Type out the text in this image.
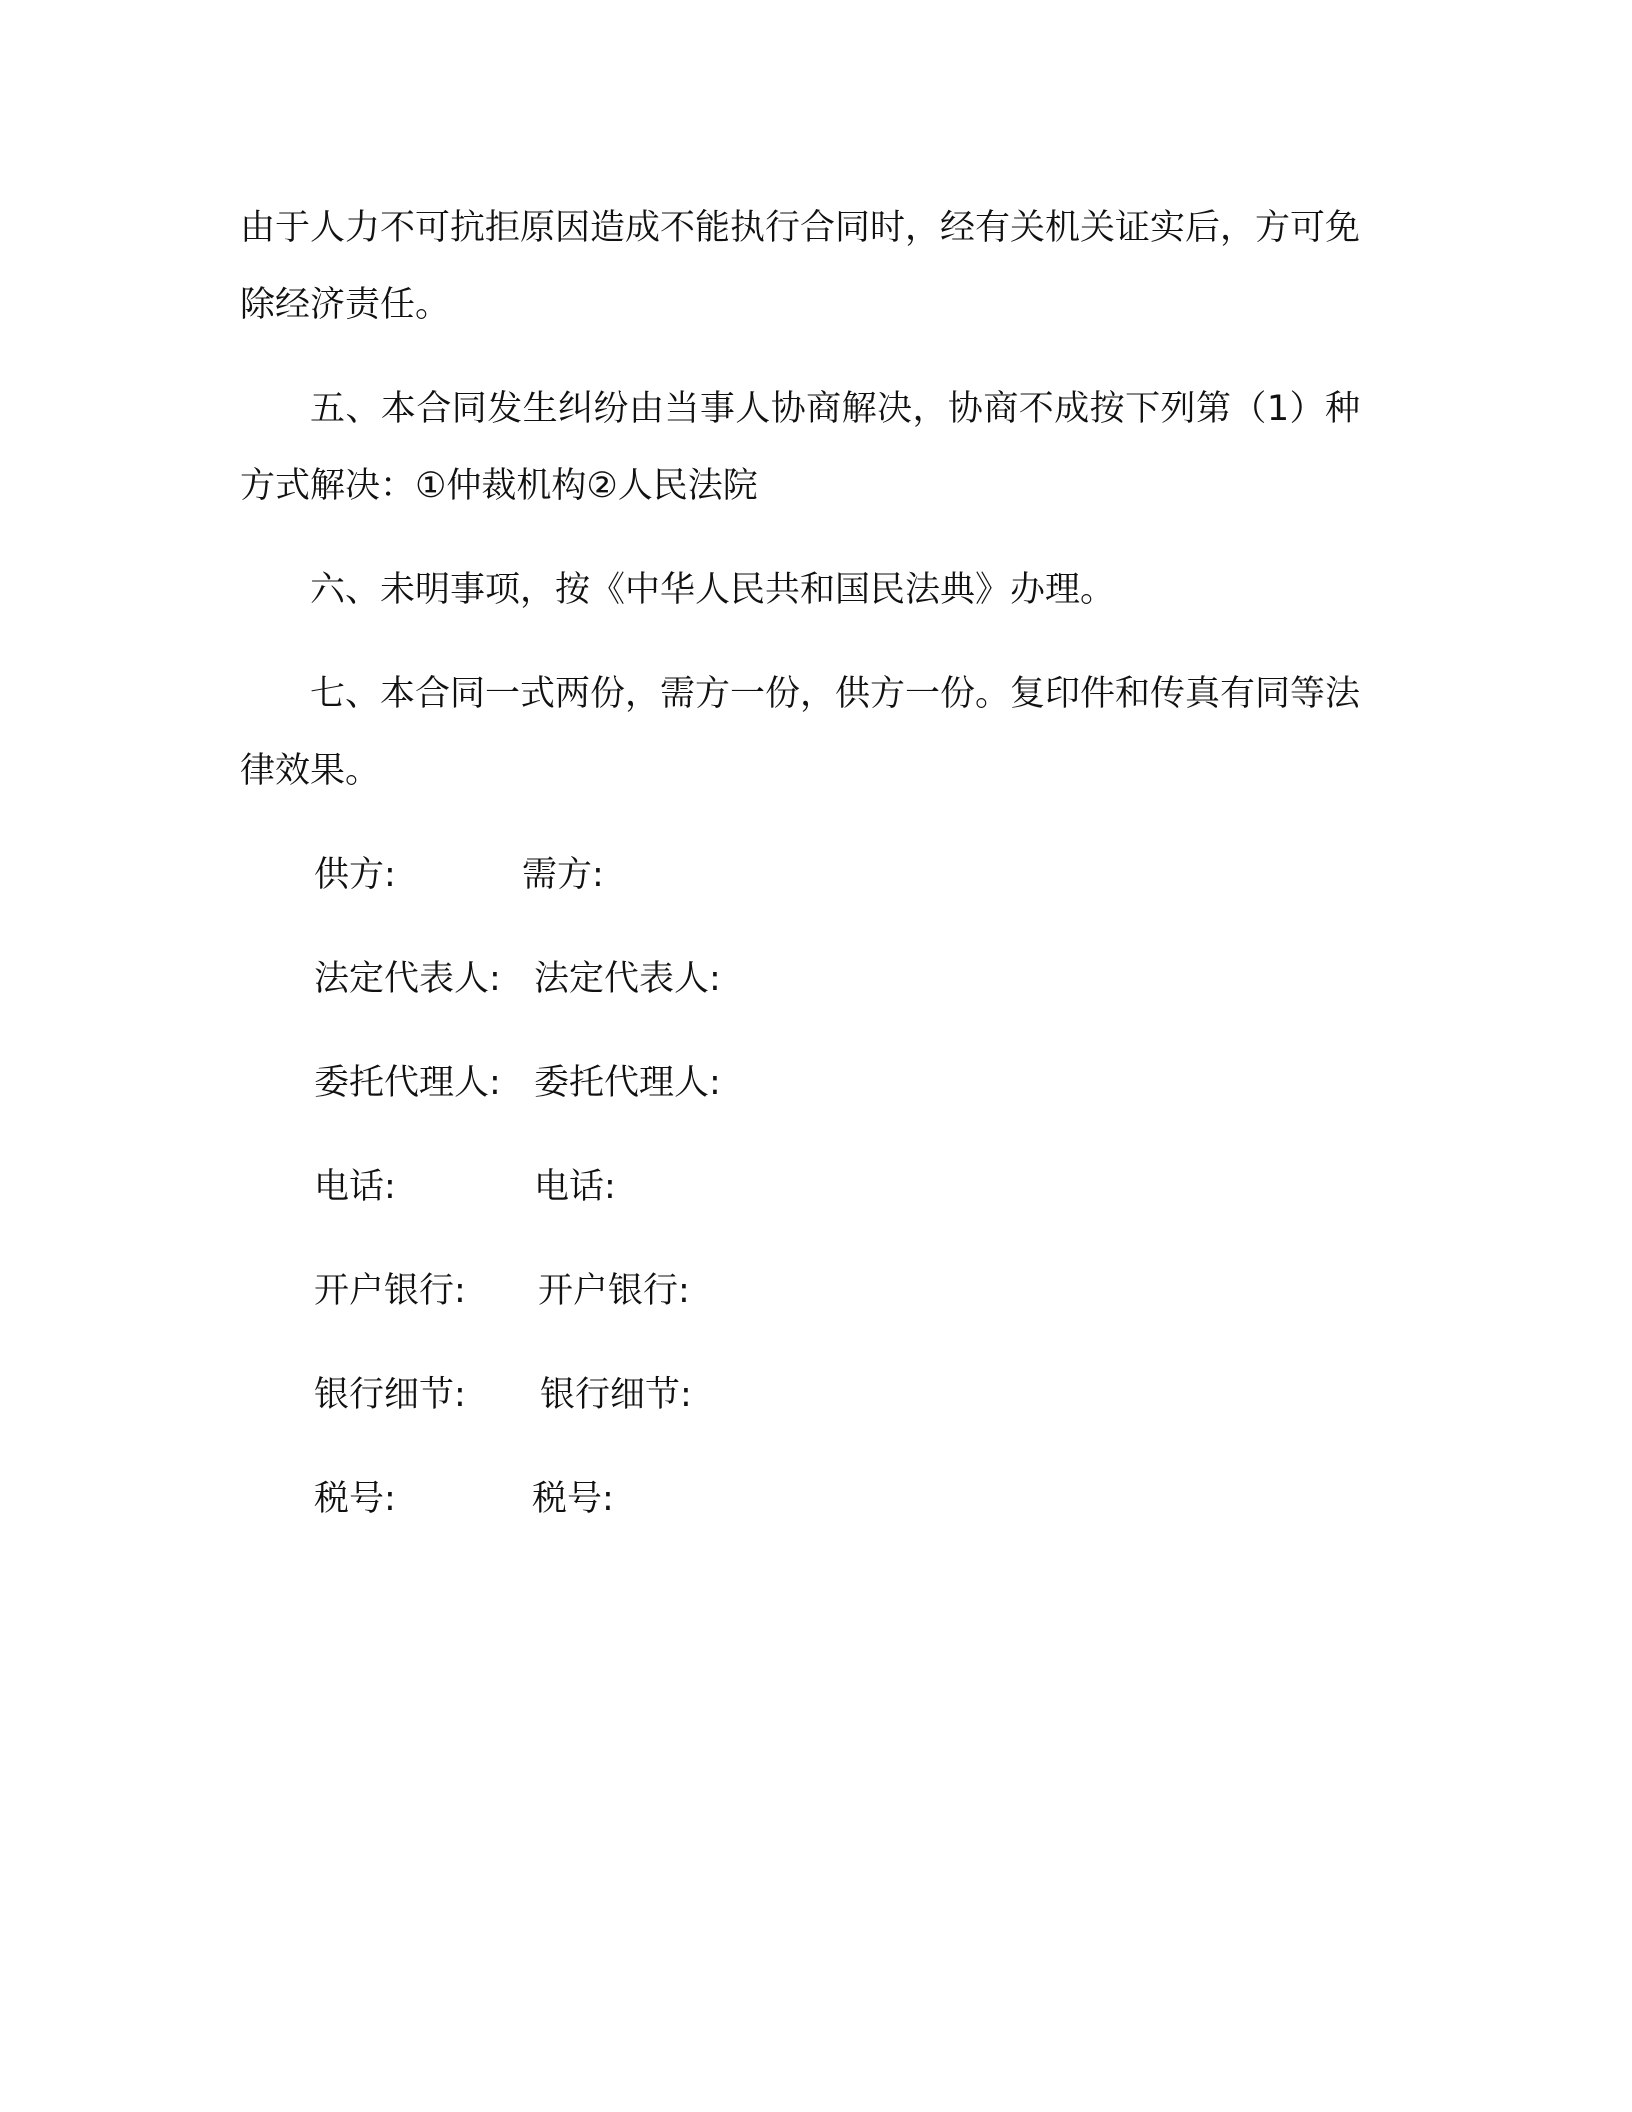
由于人力不可抗拒原因造成不能执行合同时，经有关机关证实后，方可免除经济责任。

五、本合同发生纠纷由当事人协商解决，协商不成按下列第（1）种方式解决：①仲裁机构②人民法院

六、未明事项，按《中华人民共和国民法典》办理。

七、本合同一式两份，需方一份，供方一份。复印件和传真有同等法律效果。

供方:	需方:
法定代表人: 法定代表人:
委托代理人: 委托代理人:
电话:	电话:
开户银行: 开户银行:
银行细节: 银行细节:
税号:	税号:
